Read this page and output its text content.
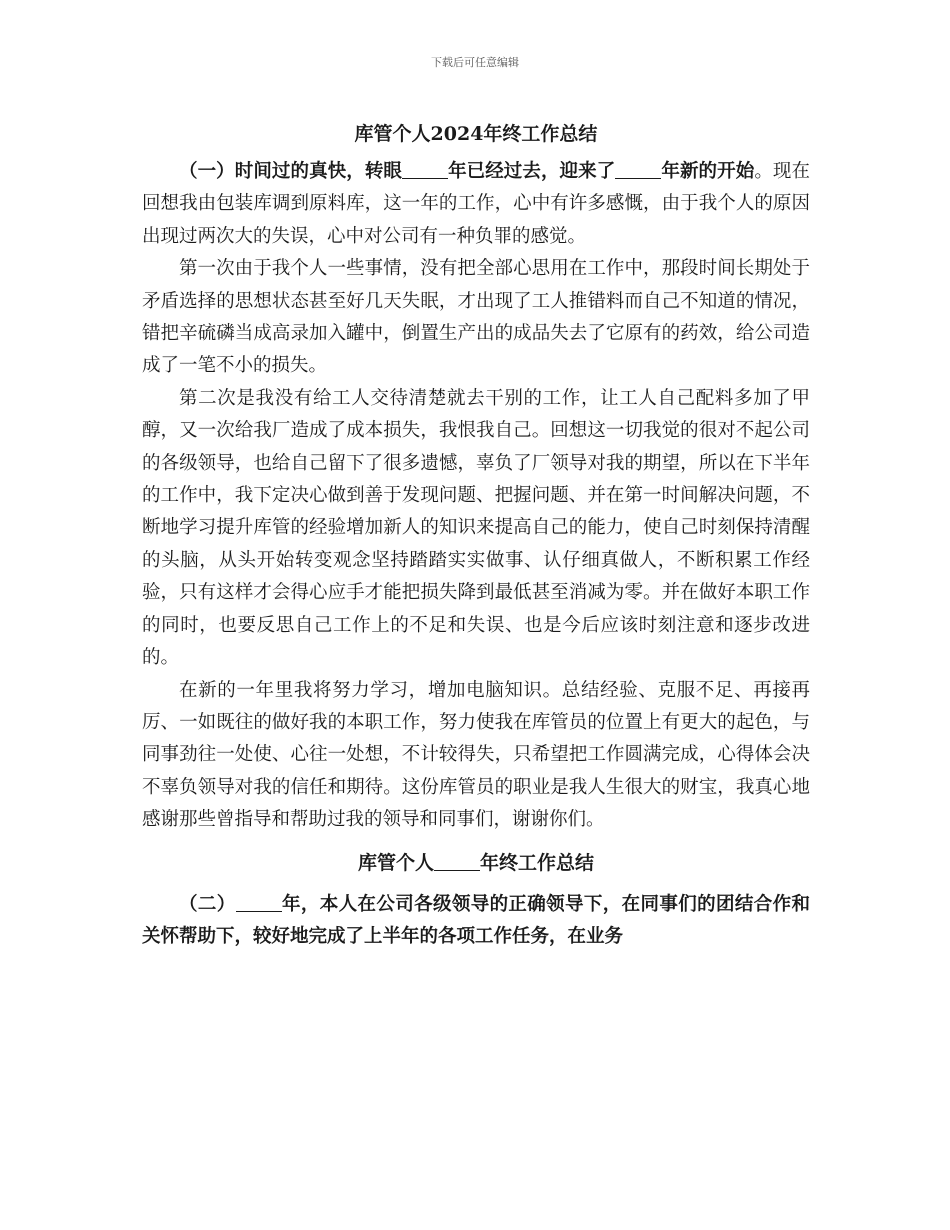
下载后可任意编辑
库管个人2024年终工作总结

（一）时间过的真快，转眼 年已经过去，迎来了 年新的开始。现在回想我由包装库调到原料库，这一年的工作，心中有许多感慨，由于我个人的原因出现过两次大的失误，心中对公司有一种负罪的感觉。

第一次由于我个人一些事情，没有把全部心思用在工作中，那段时间长期处于矛盾选择的思想状态甚至好几天失眠，才出现了工人推错料而自己不知道的情况，错把辛硫磷当成高录加入罐中，倒置生产出的成品失去了它原有的药效，给公司造成了一笔不小的损失。

第二次是我没有给工人交待清楚就去干别的工作，让工人自己配料多加了甲醇，又一次给我厂造成了成本损失，我恨我自己。回想这一切我觉的很对不起公司的各级领导，也给自己留下了很多遗憾，辜负了厂领导对我的期望，所以在下半年的工作中，我下定决心做到善于发现问题、把握问题、并在第一时间解决问题，不断地学习提升库管的经验增加新人的知识来提高自己的能力，使自己时刻保持清醒的头脑，从头开始转变观念坚持踏踏实实做事、认仔细真做人，不断积累工作经验，只有这样才会得心应手才能把损失降到最低甚至消减为零。并在做好本职工作的同时，也要反思自己工作上的不足和失误、也是今后应该时刻注意和逐步改进的。

在新的一年里我将努力学习，增加电脑知识。总结经验、克服不足、再接再厉、一如既往的做好我的本职工作，努力使我在库管员的位置上有更大的起色，与同事劲往一处使、心往一处想，不计较得失，只希望把工作圆满完成，心得体会决不辜负领导对我的信任和期待。这份库管员的职业是我人生很大的财宝，我真心地感谢那些曾指导和帮助过我的领导和同事们，谢谢你们。

库管个人 年终工作总结

（二） 年，本人在公司各级领导的正确领导下，在同事们的团结合作和关怀帮助下，较好地完成了上半年的各项工作任务，在业务
